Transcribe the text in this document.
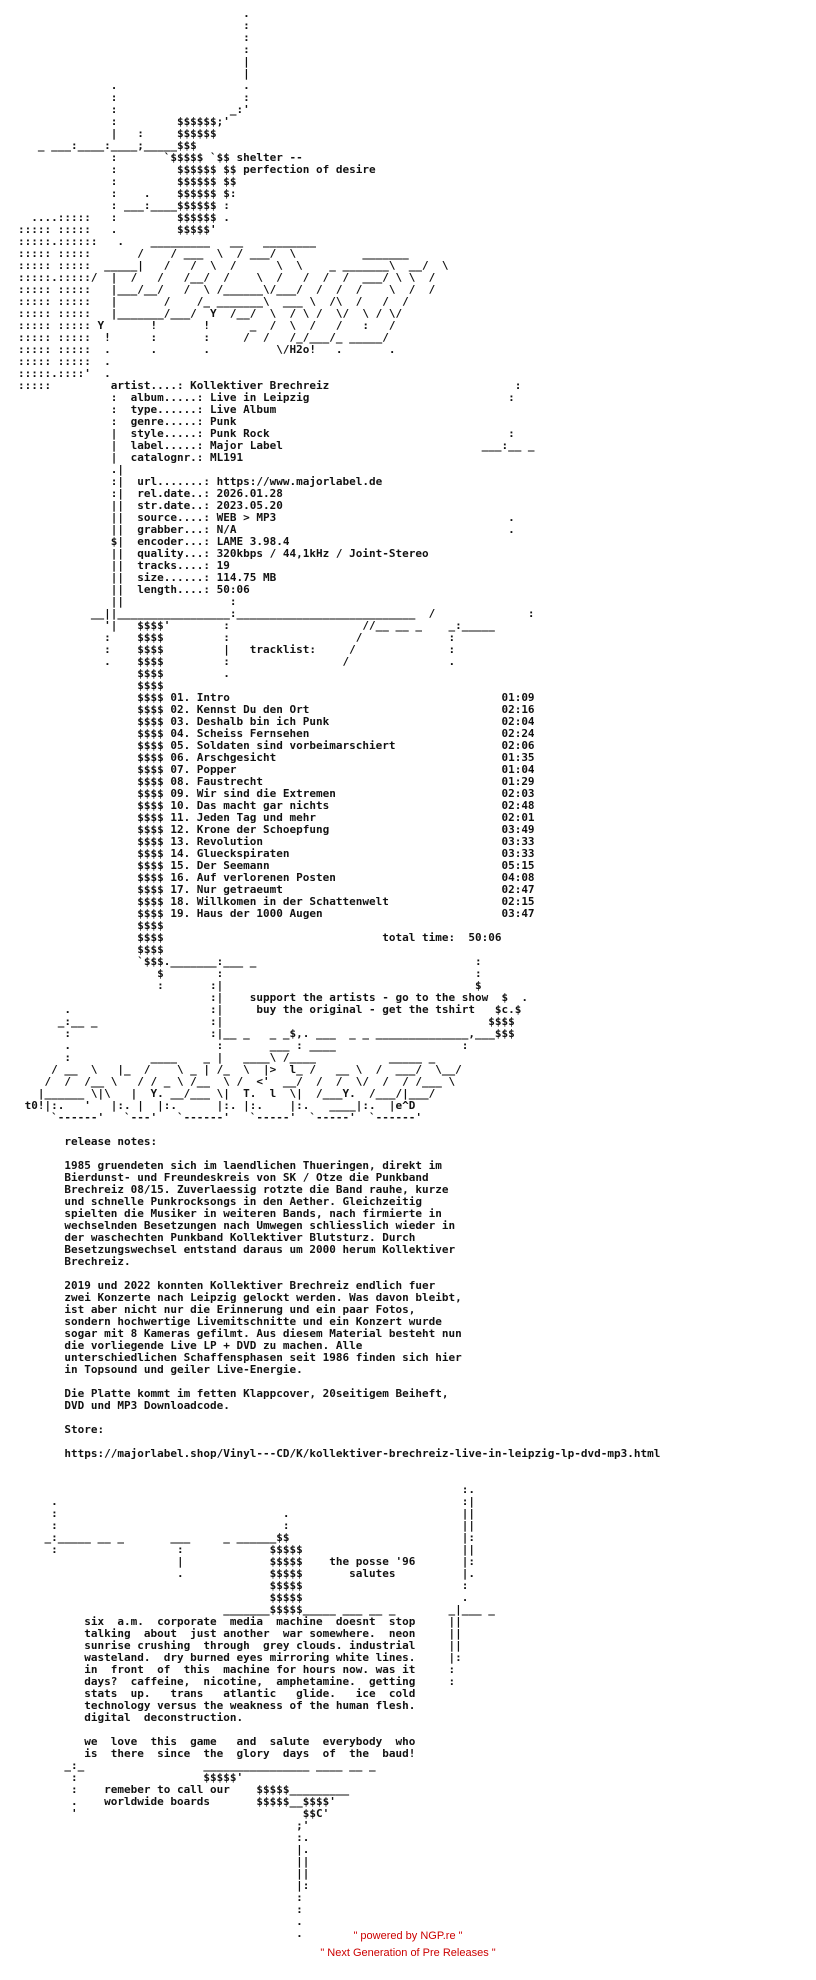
.
:
:
:
|
|
.                   .
:                   :
:                 _:'
:         $$$$$$;'
|   :     $$$$$$
_ ___:____:____;_____$$$
:       `$$$$$ `$$ shelter --
:         $$$$$$ $$ perfection of desire
:         $$$$$$ $$
:    .    $$$$$$ $:
: ___:____$$$$$$ :
....:::::   :         $$$$$$ .
::::: :::::   .         $$$$$'
:::::.::::::   .    _________   __   ________
::::: :::::       /    / ___  \  / ___/  \          _______
::::: :::::  _____|   /   /  \  /      \  \    _ _______\  __/  \
:::::.:::::/  |  /   /   /__/  /    \  /   /  /  /  ___/ \ \  /
::::: :::::   |___/__/   /  \ /______\/___/  /  /  /    \  /  /
::::: :::::   |       /    /_ _______\  ___ \  /\  /   /  /
::::: :::::   |_______/___/  Y  /__/  \  / \ /  \/  \ / \/
::::: ::::: Y       !       !      _  /  \  /   /   :   /
::::: :::::  !      :       :     /  /   /_/___/_ _____/
::::: :::::  .      .       .          \/H2o!   .       .
::::: :::::  .
:::::.::::'  .
:::::         artist....: Kollektiver Brechreiz                            :
:  album.....: Live in Leipzig                              :
:  type......: Live Album
:  genre.....: Punk
|  style.....: Punk Rock                                    :
|  label.....: Major Label                              ___:__ _
|  catalognr.: ML191
.|
:|  url.......: https://www.majorlabel.de
:|  rel.date..: 2026.01.28
||  str.date..: 2023.05.20
||  source....: WEB > MP3                                   .
||  grabber...: N/A                                         .
$|  encoder...: LAME 3.98.4
||  quality...: 320kbps / 44,1kHz / Joint-Stereo
||  tracks....: 19
||  size......: 114.75 MB
||  length....: 50:06
||                :
__||_________________:___________________________  /              :
'|   $$$$'        :                    //__ __ _    _:_____
:    $$$$         :                   /             :
:    $$$$         |   tracklist:     /              :
.    $$$$         :                 /               .
$$$$         .
$$$$
$$$$ 01. Intro                                         01:09
$$$$ 02. Kennst Du den Ort                             02:16
$$$$ 03. Deshalb bin ich Punk                          02:04
$$$$ 04. Scheiss Fernsehen                             02:24
$$$$ 05. Soldaten sind vorbeimarschiert                02:06
$$$$ 06. Arschgesicht                                  01:35
$$$$ 07. Popper                                        01:04
$$$$ 08. Faustrecht                                    01:29
$$$$ 09. Wir sind die Extremen                         02:03
$$$$ 10. Das macht gar nichts                          02:48
$$$$ 11. Jeden Tag und mehr                            02:01
$$$$ 12. Krone der Schoepfung                          03:49
$$$$ 13. Revolution                                    03:33
$$$$ 14. Glueckspiraten                                03:33
$$$$ 15. Der Seemann                                   05:15
$$$$ 16. Auf verlorenen Posten                         04:08
$$$$ 17. Nur getraeumt                                 02:47
$$$$ 18. Willkomen in der Schattenwelt                 02:15
$$$$ 19. Haus der 1000 Augen                           03:47
$$$$
$$$$                                 total time:  50:06
$$$$
`$$$._______:___ _                                 :
$        :                                      :
:       :|                                      $
:|    support the artists - go to the show  $  .
.                     :|     buy the original - get the tshirt   $c.$
_:__ _                 :|                                        $$$$
:                     :|__ _   _ _$,. ___  _ _ ______________,___$$$
.                      :       ___ : ____                   :
:            ____    _ |   ____\ /____           _____ _
/ __  \   |_  /    \ _ | /_  \  |>  l_ /   __ \  /  ___/  \__/
/  /  /__ \   / / _ \ /__  \ /  <'  __/  /  /  \/  /  / /___ \
|______ \|\   |  Y. __/___ \|  T.  l  \|  /___Y.  /___/|___/
t0!|:.   '   |:. |  |:.      |:. |:.    |:.   ____|:.  |e^D
`------'   `---'   `------'   `-----'  `-----'  `------'

release notes:

1985 gruendeten sich im laendlichen Thueringen, direkt im
Bierdunst- und Freundeskreis von SK / Otze die Punkband
Brechreiz 08/15. Zuverlaessig rotzte die Band rauhe, kurze
und schnelle Punkrocksongs in den Aether. Gleichzeitig
spielten die Musiker in weiteren Bands, nach firmierte in
wechselnden Besetzungen nach Umwegen schliesslich wieder in
der waschechten Punkband Kollektiver Blutsturz. Durch
Besetzungswechsel entstand daraus um 2000 herum Kollektiver
Brechreiz.

2019 und 2022 konnten Kollektiver Brechreiz endlich fuer
zwei Konzerte nach Leipzig gelockt werden. Was davon bleibt,
ist aber nicht nur die Erinnerung und ein paar Fotos,
sondern hochwertige Livemitschnitte und ein Konzert wurde
sogar mit 8 Kameras gefilmt. Aus diesem Material besteht nun
die vorliegende Live LP + DVD zu machen. Alle
unterschiedlichen Schaffensphasen seit 1986 finden sich hier
in Topsound und geiler Live-Energie.

Die Platte kommt im fetten Klappcover, 20seitigem Beiheft,
DVD und MP3 Downloadcode.

Store:

https://majorlabel.shop/Vinyl---CD/K/kollektiver-brechreiz-live-in-leipzig-lp-dvd-mp3.html

:.
.                                                             :|
:                                  .                          ||
:                                  :                          ||
_:_____ __ _       ___     _ ______$$                          |:
:                  :             $$$$$                        ||
|             $$$$$    the posse '96       |:
.             $$$$$       salutes          |.
$$$$$                        :
$$$$$                        .
_______$$$$$_____ ___ __ _        _|___ _
six  a.m.  corporate  media  machine  doesnt  stop     ||
talking  about  just another  war somewhere.  neon     ||
sunrise crushing  through  grey clouds. industrial     ||
wasteland.  dry burned eyes mirroring white lines.     |:
in  front  of  this  machine for hours now. was it     :
days?  caffeine,  nicotine,  amphetamine.  getting     :
stats  up.   trans   atlantic   glide.   ice  cold
technology versus the weakness of the human flesh.
digital  deconstruction.

we  love  this  game   and  salute  everybody  who
is  there  since  the  glory  days  of  the  baud!
_:_                  ________________ ____ __ _
:                   $$$$$'
:    remeber to call our    $$$$$_________
.    worldwide boards       $$$$$__$$$$'
'                                  $$C'
;'
:.
|.
||
||
|:
:
:
.
.	" powered by NGP.re "
" Next Generation of Pre Releases "
